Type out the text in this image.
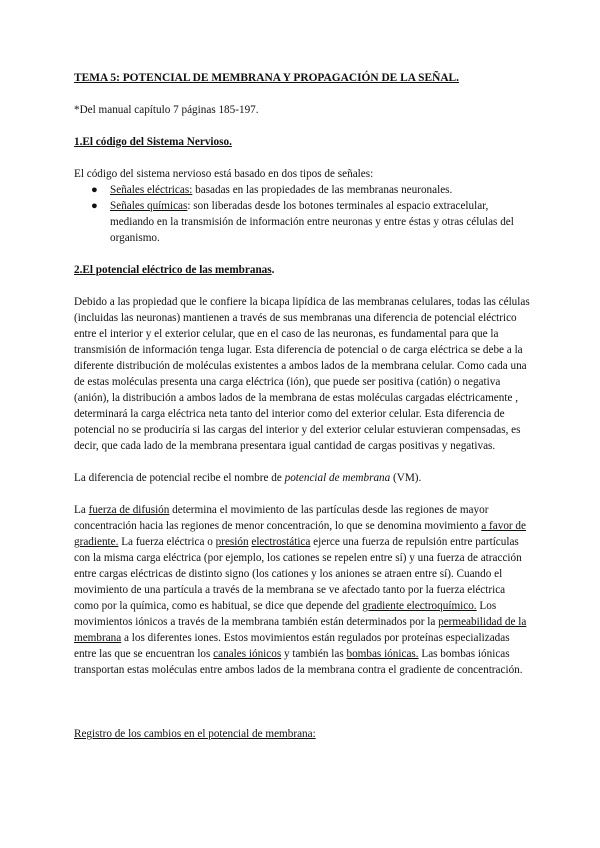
TEMA 5: POTENCIAL DE MEMBRANA Y PROPAGACIÓN DE LA SEÑAL.

*Del manual capítulo 7 páginas 185-197.

1.El código del Sistema Nervioso.

El código del sistema nervioso está basado en dos tipos de señales:

● Señales eléctricas: basadas en las propiedades de las membranas neuronales.
● Señales químicas: son liberadas desde los botones terminales al espacio extracelular, mediando en la transmisión de información entre neuronas y entre éstas y otras células del organismo.

2.El potencial eléctrico de las membranas.

Debido a las propiedad que le confiere la bicapa lipídica de las membranas celulares, todas las células (incluidas las neuronas) mantienen a través de sus membranas una diferencia de potencial eléctrico entre el interior y el exterior celular, que en el caso de las neuronas, es fundamental para que la transmisión de información tenga lugar. Esta diferencia de potencial o de carga eléctrica se debe a la diferente distribución de moléculas existentes a ambos lados de la membrana celular. Como cada una de estas moléculas presenta una carga eléctrica (ión), que puede ser positiva (catión) o negativa (anión), la distribución a ambos lados de la membrana de estas moléculas cargadas eléctricamente , determinará la carga eléctrica neta tanto del interior como del exterior celular. Esta diferencia de potencial no se produciría si las cargas del interior y del exterior celular estuvieran compensadas, es decir, que cada lado de la membrana presentara igual cantidad de cargas positivas y negativas.

La diferencia de potencial recibe el nombre de potencial de membrana (VM).

La fuerza de difusión determina el movimiento de las partículas desde las regiones de mayor concentración hacia las regiones de menor concentración, lo que se denomina movimiento a favor de gradiente. La fuerza eléctrica o presión electrostática ejerce una fuerza de repulsión entre partículas con la misma carga eléctrica (por ejemplo, los cationes se repelen entre sí) y una fuerza de atracción entre cargas eléctricas de distinto signo (los cationes y los aniones se atraen entre sí). Cuando el movimiento de una partícula a través de la membrana se ve afectado tanto por la fuerza eléctrica como por la química, como es habitual, se dice que depende del gradiente electroquímico. Los movimientos iónicos a través de la membrana también están determinados por la permeabilidad de la membrana a los diferentes iones. Estos movimientos están regulados por proteínas especializadas entre las que se encuentran los canales iónicos y también las bombas iónicas. Las bombas iónicas transportan estas moléculas entre ambos lados de la membrana contra el gradiente de concentración.

Registro de los cambios en el potencial de membrana:
